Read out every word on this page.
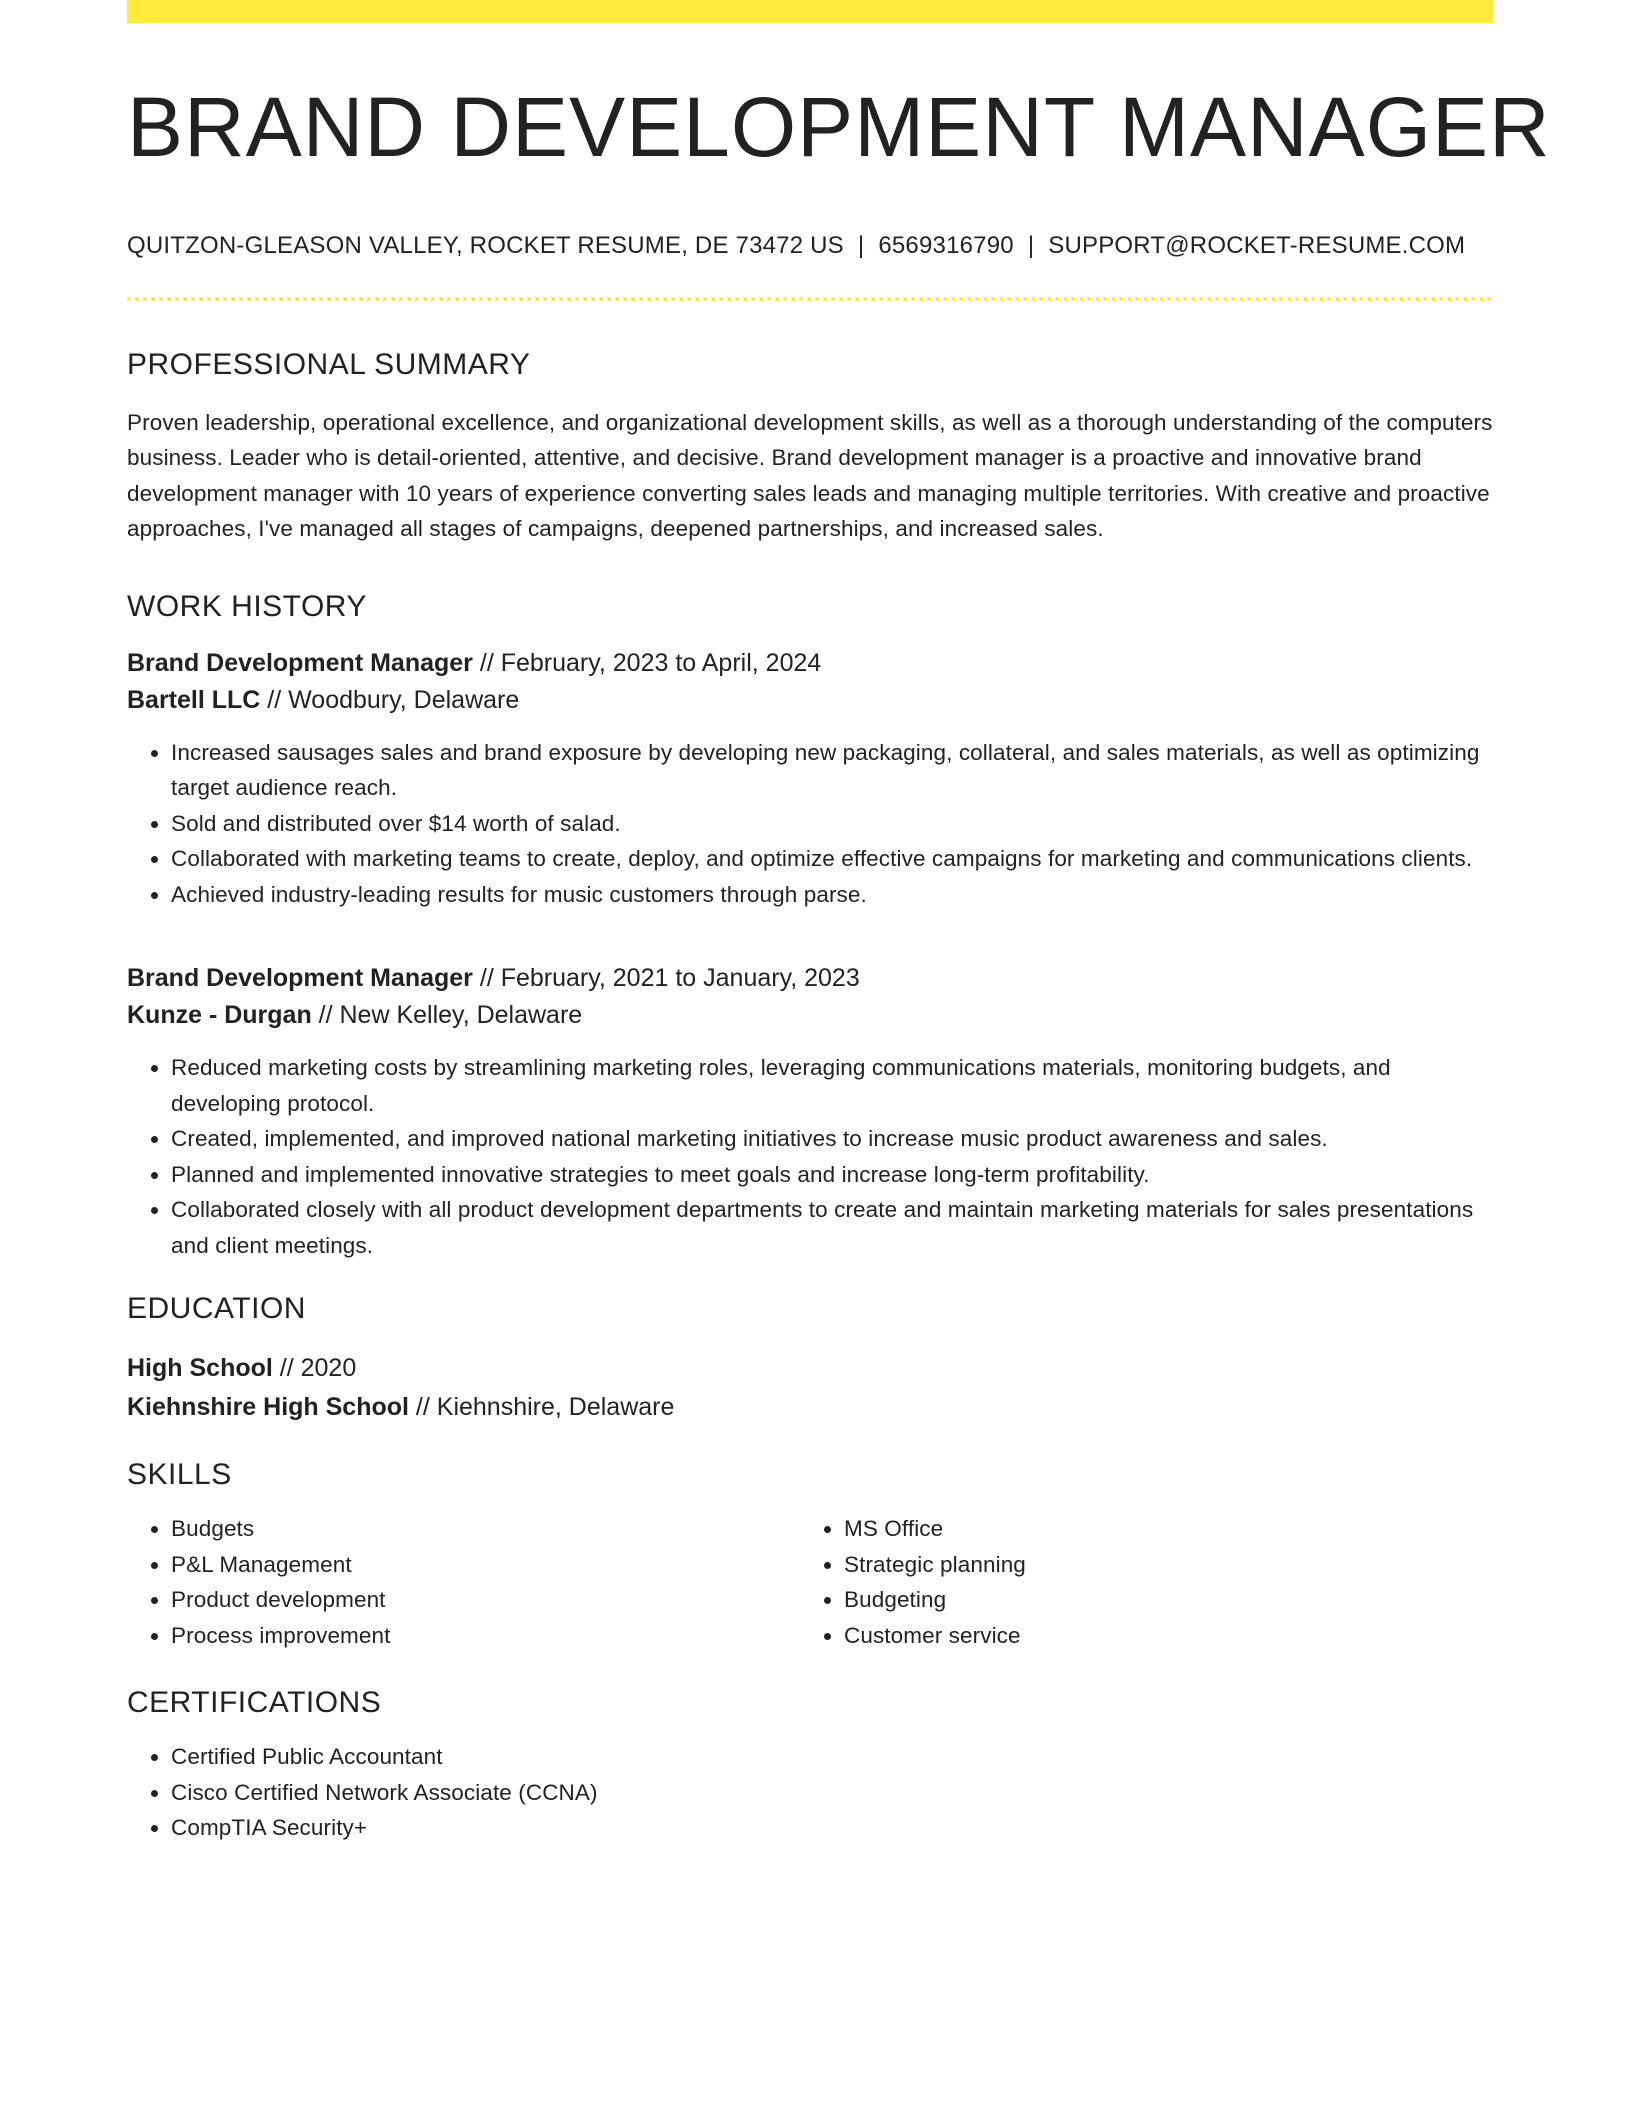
BRAND DEVELOPMENT MANAGER
QUITZON-GLEASON VALLEY, ROCKET RESUME, DE 73472 US | 6569316790 | SUPPORT@ROCKET-RESUME.COM
PROFESSIONAL SUMMARY

Proven leadership, operational excellence, and organizational development skills, as well as a thorough understanding of the computers business. Leader who is detail-oriented, attentive, and decisive. Brand development manager is a proactive and innovative brand development manager with 10 years of experience converting sales leads and managing multiple territories. With creative and proactive approaches, I've managed all stages of campaigns, deepened partnerships, and increased sales.

WORK HISTORY
Brand Development Manager // February, 2023 to April, 2024
Bartell LLC // Woodbury, Delaware
• Increased sausages sales and brand exposure by developing new packaging, collateral, and sales materials, as well as optimizing target audience reach.
• Sold and distributed over $14 worth of salad.
• Collaborated with marketing teams to create, deploy, and optimize effective campaigns for marketing and communications clients.
• Achieved industry-leading results for music customers through parse.
Brand Development Manager // February, 2021 to January, 2023
Kunze - Durgan // New Kelley, Delaware
• Reduced marketing costs by streamlining marketing roles, leveraging communications materials, monitoring budgets, and developing protocol.
• Created, implemented, and improved national marketing initiatives to increase music product awareness and sales.
• Planned and implemented innovative strategies to meet goals and increase long-term profitability.
• Collaborated closely with all product development departments to create and maintain marketing materials for sales presentations and client meetings.
EDUCATION
High School // 2020
Kiehnshire High School // Kiehnshire, Delaware
SKILLS
• Budgets
• P&L Management
• Product development
• Process improvement
• MS Office
• Strategic planning
• Budgeting
• Customer service
CERTIFICATIONS
• Certified Public Accountant
• Cisco Certified Network Associate (CCNA)
• CompTIA Security+
